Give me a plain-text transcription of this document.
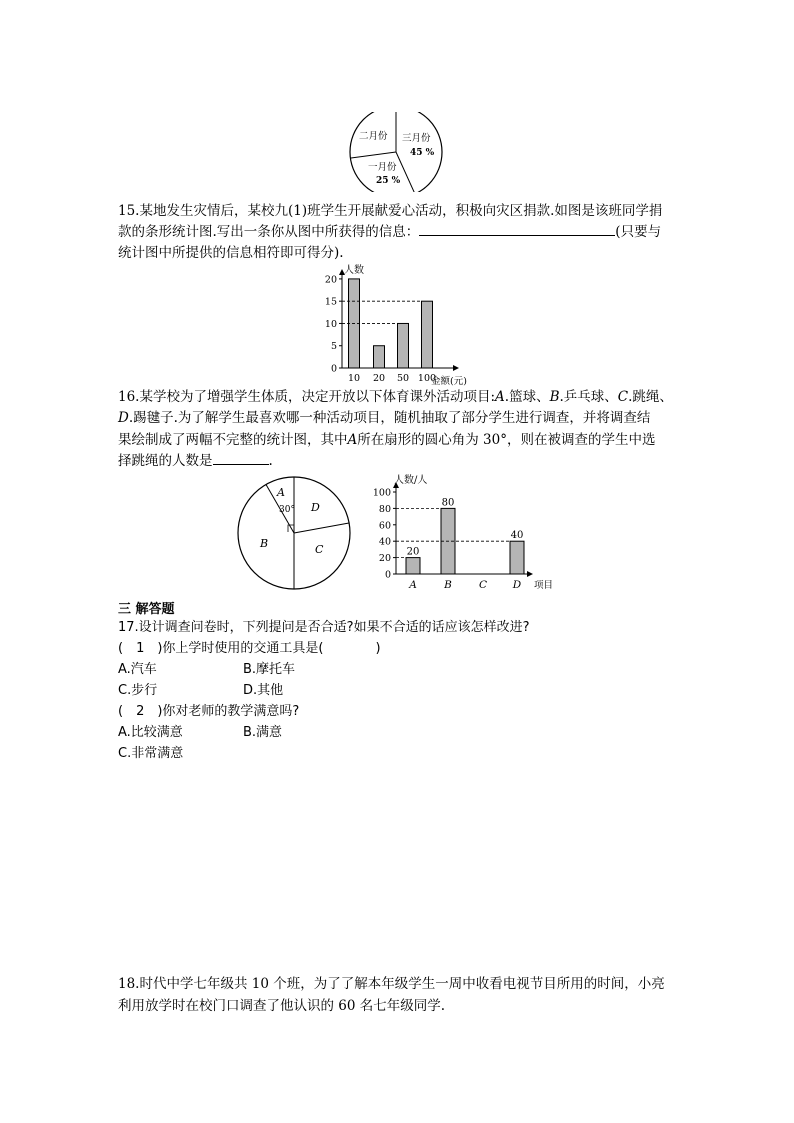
二月份 三月份
45 %
一月份
25 %
15.某地发生灾情后，某校九(1)班学生开展献爱心活动，积极向灾区捐款.如图是该班同学捐
款的条形统计图.写出一条你从图中所获得的信息：	(只要与
统计图中所提供的信息相符即可得分).
人数
0
5
10
15
20
10 20 50 100
金额(元)
16.某学校为了增强学生体质，决定开放以下体育课外活动项目:A.篮球、B.乒乓球、C.跳绳、
D.踢毽子.为了解学生最喜欢哪一种活动项目，随机抽取了部分学生进行调查，并将调查结
果绘制成了两幅不完整的统计图，其中A所在扇形的圆心角为 30°，则在被调查的学生中选
择跳绳的人数是	.
A
30°
B	C
D
人数/人
0
20
40
60
80
100
20
A
80
B	C
40
D 项目
三 解答题
17.设计调查问卷时，下列提问是否合适?如果不合适的话应该怎样改进?
(　1　)你上学时使用的交通工具是(　　　　)
A.汽车	B.摩托车
C.步行	D.其他
(　2　)你对老师的教学满意吗?
A.比较满意	B.满意
C.非常满意
18.时代中学七年级共 10 个班，为了了解本年级学生一周中收看电视节目所用的时间，小亮
利用放学时在校门口调查了他认识的 60 名七年级同学.
